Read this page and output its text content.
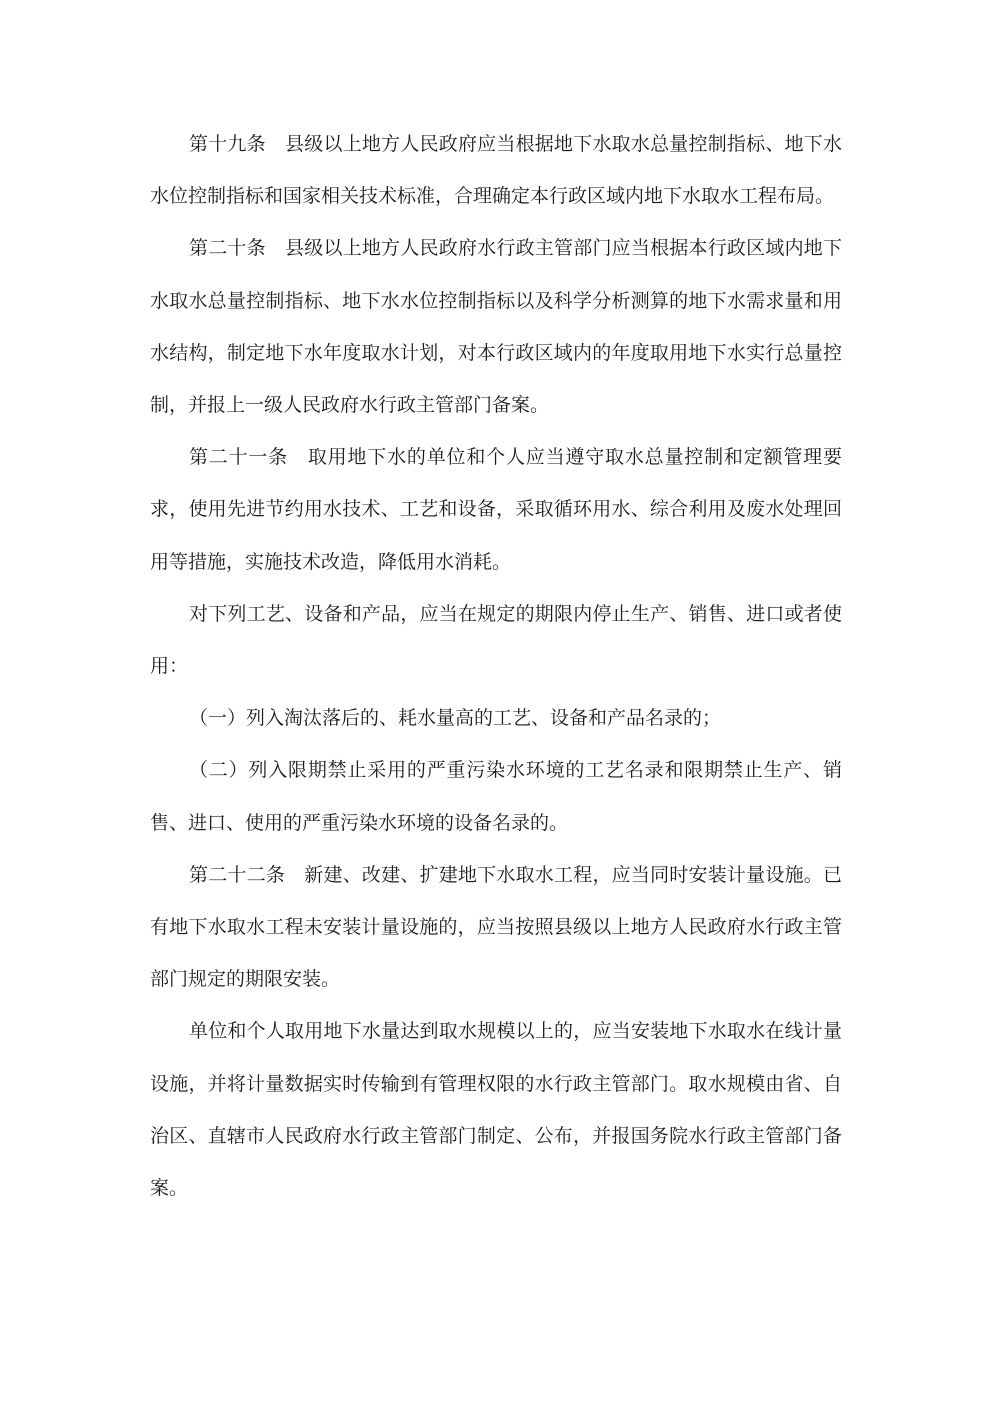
第十九条　县级以上地方人民政府应当根据地下水取水总量控制指标、地下水水位控制指标和国家相关技术标准，合理确定本行政区域内地下水取水工程布局。

第二十条　县级以上地方人民政府水行政主管部门应当根据本行政区域内地下水取水总量控制指标、地下水水位控制指标以及科学分析测算的地下水需求量和用水结构，制定地下水年度取水计划，对本行政区域内的年度取用地下水实行总量控制，并报上一级人民政府水行政主管部门备案。

第二十一条　取用地下水的单位和个人应当遵守取水总量控制和定额管理要求，使用先进节约用水技术、工艺和设备，采取循环用水、综合利用及废水处理回用等措施，实施技术改造，降低用水消耗。

对下列工艺、设备和产品，应当在规定的期限内停止生产、销售、进口或者使用：

（一）列入淘汰落后的、耗水量高的工艺、设备和产品名录的；

（二）列入限期禁止采用的严重污染水环境的工艺名录和限期禁止生产、销售、进口、使用的严重污染水环境的设备名录的。

第二十二条　新建、改建、扩建地下水取水工程，应当同时安装计量设施。已有地下水取水工程未安装计量设施的，应当按照县级以上地方人民政府水行政主管部门规定的期限安装。

单位和个人取用地下水量达到取水规模以上的，应当安装地下水取水在线计量设施，并将计量数据实时传输到有管理权限的水行政主管部门。取水规模由省、自治区、直辖市人民政府水行政主管部门制定、公布，并报国务院水行政主管部门备案。
